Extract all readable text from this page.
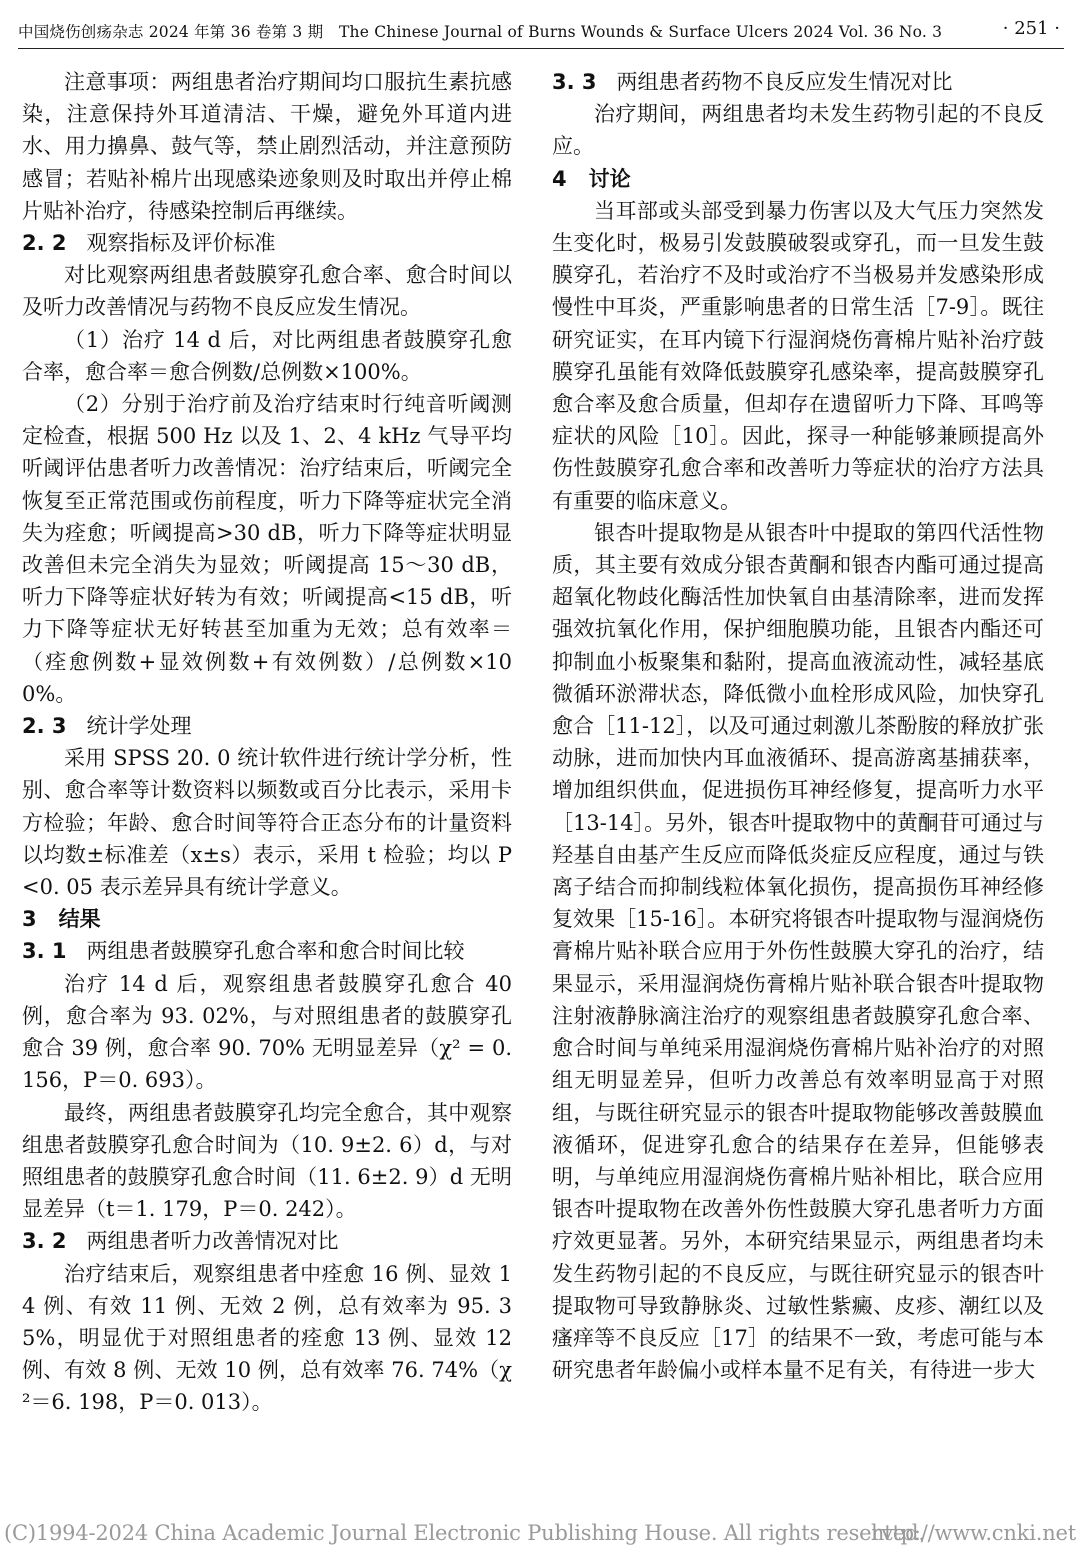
中国烧伤创疡杂志 2024 年第 36 卷第 3 期　The Chinese Journal of Burns Wounds & Surface Ulcers 2024 Vol. 36 No. 3	· 251 ·

注意事项：两组患者治疗期间均口服抗生素抗感染，注意保持外耳道清洁、干燥，避免外耳道内进水、用力擤鼻、鼓气等，禁止剧烈活动，并注意预防感冒；若贴补棉片出现感染迹象则及时取出并停止棉片贴补治疗，待感染控制后再继续。

2. 2 观察指标及评价标准

对比观察两组患者鼓膜穿孔愈合率、愈合时间以及听力改善情况与药物不良反应发生情况。

（1）治疗 14 d 后，对比两组患者鼓膜穿孔愈合率，愈合率＝愈合例数/总例数×100%。

（2）分别于治疗前及治疗结束时行纯音听阈测定检查，根据 500 Hz 以及 1、2、4 kHz 气导平均听阈评估患者听力改善情况：治疗结束后，听阈完全恢复至正常范围或伤前程度，听力下降等症状完全消失为痊愈；听阈提高>30 dB，听力下降等症状明显改善但未完全消失为显效；听阈提高 15～30 dB，听力下降等症状好转为有效；听阈提高<15 dB，听力下降等症状无好转甚至加重为无效；总有效率＝（痊愈例数+显效例数+有效例数）/总例数×100%。

2. 3 统计学处理

采用 SPSS 20. 0 统计软件进行统计学分析，性别、愈合率等计数资料以频数或百分比表示，采用卡方检验；年龄、愈合时间等符合正态分布的计量资料以均数±标准差（x±s）表示，采用 t 检验；均以 P<0. 05 表示差异具有统计学意义。

3 结果
3. 1 两组患者鼓膜穿孔愈合率和愈合时间比较

治疗 14 d 后，观察组患者鼓膜穿孔愈合 40 例，愈合率为 93. 02%，与对照组患者的鼓膜穿孔愈合 39 例，愈合率 90. 70% 无明显差异（χ² = 0. 156，P＝0. 693）。

最终，两组患者鼓膜穿孔均完全愈合，其中观察组患者鼓膜穿孔愈合时间为（10. 9±2. 6）d，与对照组患者的鼓膜穿孔愈合时间（11. 6±2. 9）d 无明显差异（t＝1. 179，P＝0. 242）。

3. 2 两组患者听力改善情况对比

治疗结束后，观察组患者中痊愈 16 例、显效 14 例、有效 11 例、无效 2 例，总有效率为 95. 35%，明显优于对照组患者的痊愈 13 例、显效 12 例、有效 8 例、无效 10 例，总有效率 76. 74%（χ²＝6. 198，P＝0. 013）。

3. 3 两组患者药物不良反应发生情况对比

治疗期间，两组患者均未发生药物引起的不良反应。

4 讨论

当耳部或头部受到暴力伤害以及大气压力突然发生变化时，极易引发鼓膜破裂或穿孔，而一旦发生鼓膜穿孔，若治疗不及时或治疗不当极易并发感染形成慢性中耳炎，严重影响患者的日常生活［7-9］。既往研究证实，在耳内镜下行湿润烧伤膏棉片贴补治疗鼓膜穿孔虽能有效降低鼓膜穿孔感染率，提高鼓膜穿孔愈合率及愈合质量，但却存在遗留听力下降、耳鸣等症状的风险［10］。因此，探寻一种能够兼顾提高外伤性鼓膜穿孔愈合率和改善听力等症状的治疗方法具有重要的临床意义。

银杏叶提取物是从银杏叶中提取的第四代活性物质，其主要有效成分银杏黄酮和银杏内酯可通过提高超氧化物歧化酶活性加快氧自由基清除率，进而发挥强效抗氧化作用，保护细胞膜功能，且银杏内酯还可抑制血小板聚集和黏附，提高血液流动性，减轻基底微循环淤滞状态，降低微小血栓形成风险，加快穿孔愈合［11-12］，以及可通过刺激儿茶酚胺的释放扩张动脉，进而加快内耳血液循环、提高游离基捕获率，增加组织供血，促进损伤耳神经修复，提高听力水平［13-14］。另外，银杏叶提取物中的黄酮苷可通过与羟基自由基产生反应而降低炎症反应程度，通过与铁离子结合而抑制线粒体氧化损伤，提高损伤耳神经修复效果［15-16］。本研究将银杏叶提取物与湿润烧伤膏棉片贴补联合应用于外伤性鼓膜大穿孔的治疗，结果显示，采用湿润烧伤膏棉片贴补联合银杏叶提取物注射液静脉滴注治疗的观察组患者鼓膜穿孔愈合率、愈合时间与单纯采用湿润烧伤膏棉片贴补治疗的对照组无明显差异，但听力改善总有效率明显高于对照组，与既往研究显示的银杏叶提取物能够改善鼓膜血液循环，促进穿孔愈合的结果存在差异，但能够表明，与单纯应用湿润烧伤膏棉片贴补相比，联合应用银杏叶提取物在改善外伤性鼓膜大穿孔患者听力方面疗效更显著。另外，本研究结果显示，两组患者均未发生药物引起的不良反应，与既往研究显示的银杏叶提取物可导致静脉炎、过敏性紫癜、皮疹、潮红以及瘙痒等不良反应［17］的结果不一致，考虑可能与本研究患者年龄偏小或样本量不足有关，有待进一步大

(C)1994-2024 China Academic Journal Electronic Publishing House. All rights reserved.
http://www.cnki.net
